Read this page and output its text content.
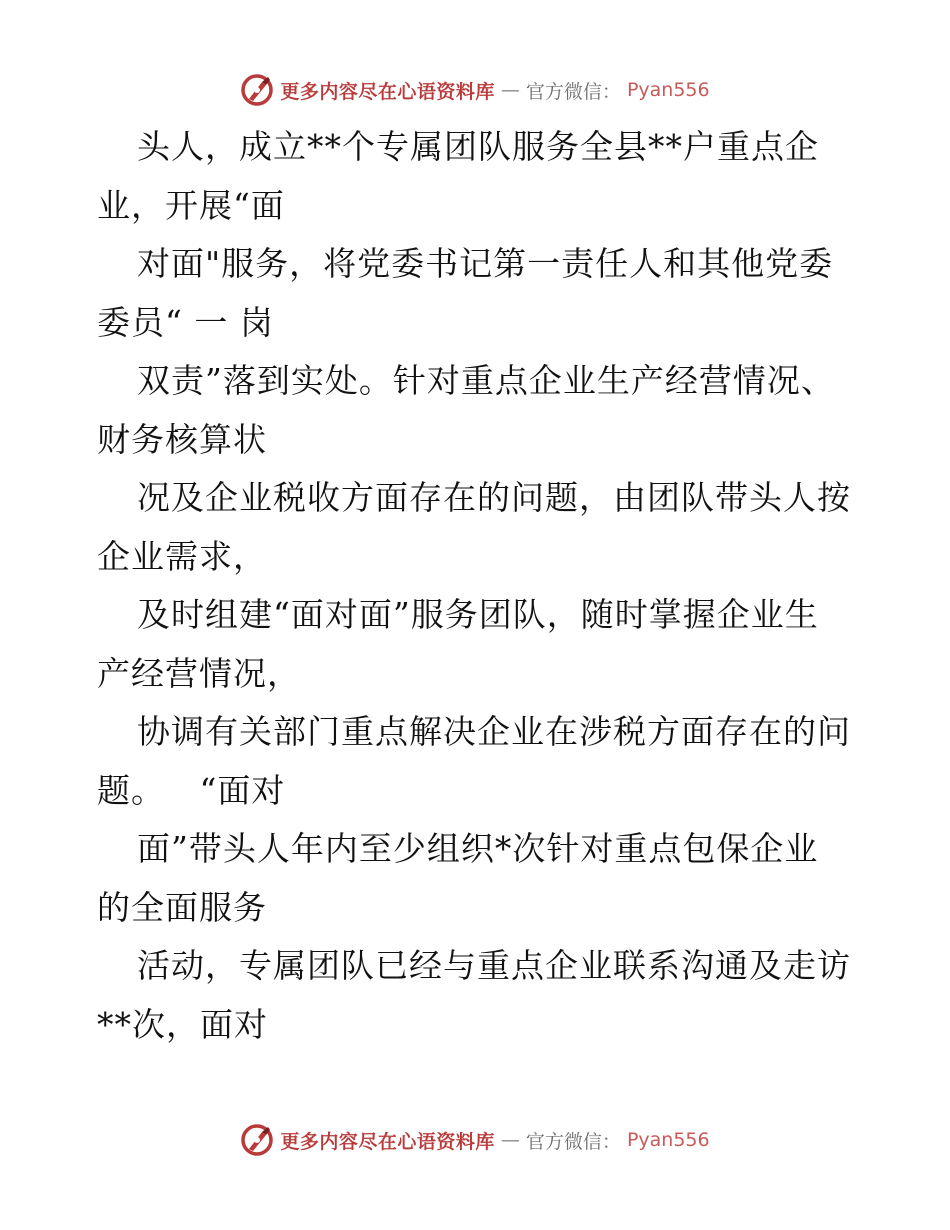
更多内容尽在心语资料库 — 官方微信： Pyan556
头人，成立**个专属团队服务全县**户重点企
业，开展“面
对面"服务，将党委书记第一责任人和其他党委
委员“ 一 岗
双责”落到实处。针对重点企业生产经营情况、
财务核算状
况及企业税收方面存在的问题，由团队带头人按
企业需求，
及时组建“面对面”服务团队，随时掌握企业生
产经营情况，
协调有关部门重点解决企业在涉税方面存在的问
题。   “面对
面”带头人年内至少组织*次针对重点包保企业
的全面服务
活动，专属团队已经与重点企业联系沟通及走访
**次，面对
更多内容尽在心语资料库 — 官方微信： Pyan556
